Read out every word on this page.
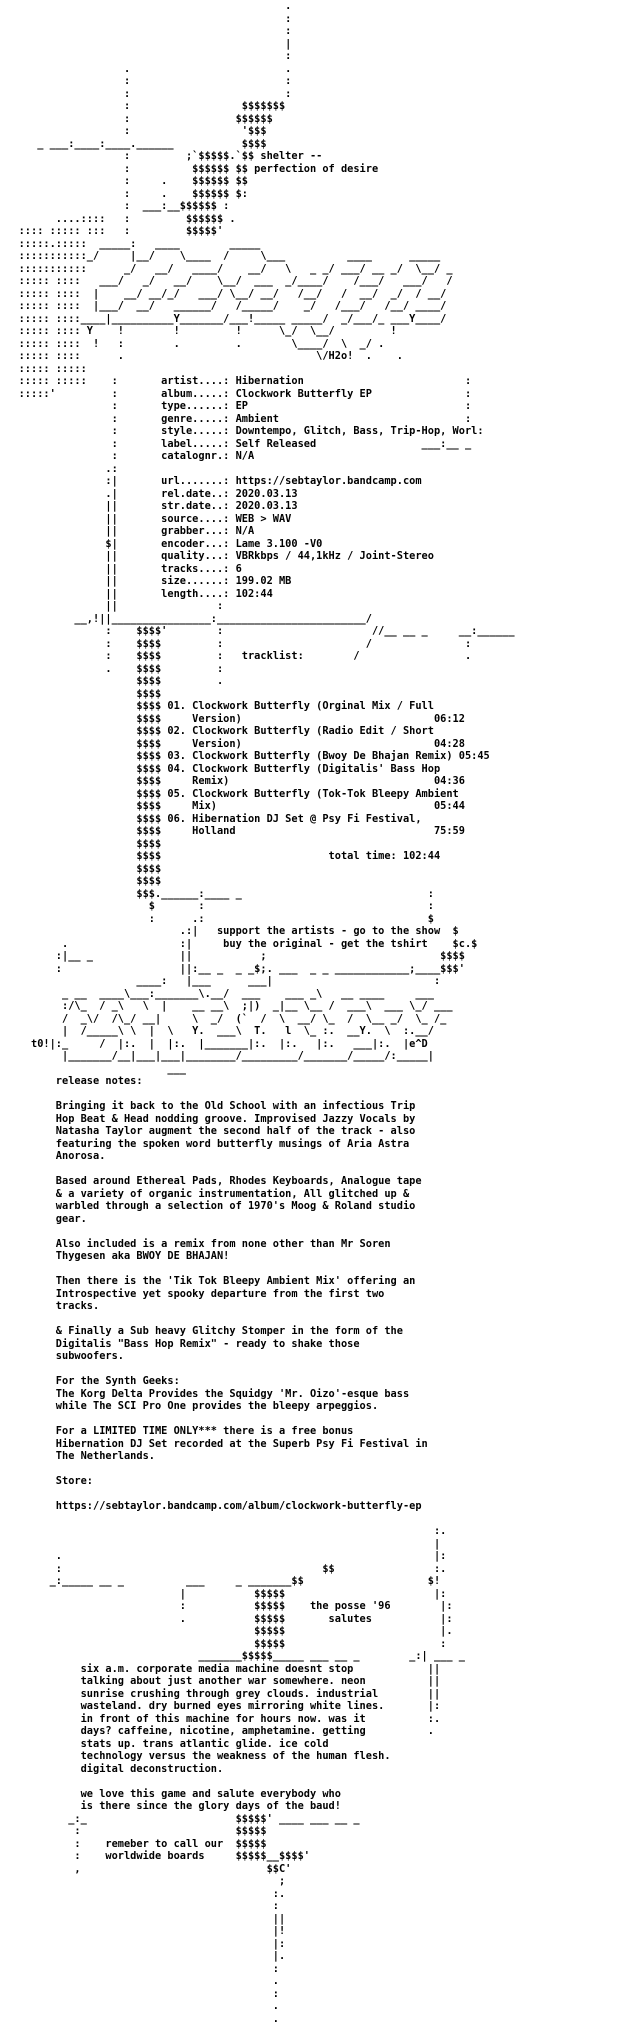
.
:
:
|
:
.                         .
:                         :
:                         :
:                  $$$$$$$
:                 $$$$$$
:                  '$$$
_ ___:____:____.______           $$$$
:         ;`$$$$$.`$$ shelter --
:          $$$$$$ $$ perfection of desire
:     .    $$$$$$ $$
:     .    $$$$$$ $:
:  ___:__$$$$$$ :
....::::   :         $$$$$$ .
:::: ::::: :::   :         $$$$$'
:::::.:::::  _____:   ____        _____
:::::::::::_/     |__/    \____  /     \___          ____      _____
:::::::::::      _/   __/   ____/    __/   \   _ _/ ___/ __ _/  \__/ _
::::: ::::   ___/   _/   __/    \__/  ___  _/____/    /___/   ___/   /
::::: ::::  |    __/ __/_/   ___/ \__/ __/   /__/   /  __/  _/  / __/
::::: ::::  |___/  __/   ______/   /_____/    _/   /___/   /__/ ____/
::::: ::::____|__________Y_______/___!_____ _____/  _/___/_ ___Y____/
::::: :::: Y    !        !         !      \_/  \__/         !
::::: ::::  !   :        .         .        \____/  \  _/ .
::::: ::::      .                               \/H2o!  .    .
::::: :::::
::::: :::::    :       artist....: Hibernation                          :
:::::'         :       album.....: Clockwork Butterfly EP               :
:       type......: EP                                   :
:       genre.....: Ambient                              :
:       style.....: Downtempo, Glitch, Bass, Trip-Hop, Worl:
:       label.....: Self Released                 ___:__ _
:       catalognr.: N/A
.:
:|       url.......: https://sebtaylor.bandcamp.com
.|       rel.date..: 2020.03.13
||       str.date..: 2020.03.13
||       source....: WEB > WAV
||       grabber...: N/A
$|       encoder...: Lame 3.100 -V0
||       quality...: VBRkbps / 44,1kHz / Joint-Stereo
||       tracks....: 6
||       size......: 199.02 MB
||       length....: 102:44
||                :
__,!||________________:________________________/
:    $$$$'        :                        //__ __ _     __:______
:    $$$$         :                       /               :
:    $$$$         :   tracklist:        /                 .
.    $$$$         :
$$$$         .
$$$$
$$$$ 01. Clockwork Butterfly (Orginal Mix / Full
$$$$     Version)                               06:12
$$$$ 02. Clockwork Butterfly (Radio Edit / Short
$$$$     Version)                               04:28
$$$$ 03. Clockwork Butterfly (Bwoy De Bhajan Remix) 05:45
$$$$ 04. Clockwork Butterfly (Digitalis' Bass Hop
$$$$     Remix)                                 04:36
$$$$ 05. Clockwork Butterfly (Tok-Tok Bleepy Ambient
$$$$     Mix)                                   05:44
$$$$ 06. Hibernation DJ Set @ Psy Fi Festival,
$$$$     Holland                                75:59
$$$$
$$$$                           total time: 102:44
$$$$
$$$$
$$$.______:____ _                              :
$       :                                    :
:      .:                                    $
.:|   support the artists - go to the show  $
.                  :|     buy the original - get the tshirt    $c.$
:|__ _              ||           ;                            $$$$
:                   ||:__ _  _ _$;. ___  _ _ ____________;____$$$'
____:   |___      ___|                          :
_ __  ____\___:_______\.__/  ___    ___ _\   __ ____     ___
:/\_  / _\   \  |    __ __\  ;|)  _|__ \__ /  ___\  ___ \_/ ___
/  _\/  /\_/ __|     \  _/  (`  /  \  __/ \_  /  \__ _/  \_ /_
|  /_____\ \  |  \   Y.  ___\  T.   l  \_ :.  __Y.  \  :.__/
t0!|:_     /  |:.  |  |:.  |_______|:.  |:.   |:.   ___|:.  |e^D
|_______/__|___|___|________/_________/_______/_____/:_____|
___
release notes:

Bringing it back to the Old School with an infectious Trip
Hop Beat & Head nodding groove. Improvised Jazzy Vocals by
Natasha Taylor augment the second half of the track - also
featuring the spoken word butterfly musings of Aria Astra
Anorosa.

Based around Ethereal Pads, Rhodes Keyboards, Analogue tape
& a variety of organic instrumentation, All glitched up &
warbled through a selection of 1970's Moog & Roland studio
gear.

Also included is a remix from none other than Mr Soren
Thygesen aka BWOY DE BHAJAN!

Then there is the 'Tik Tok Bleepy Ambient Mix' offering an
Introspective yet spooky departure from the first two
tracks.

& Finally a Sub heavy Glitchy Stomper in the form of the
Digitalis "Bass Hop Remix" - ready to shake those
subwoofers.

For the Synth Geeks:
The Korg Delta Provides the Squidgy 'Mr. Oizo'-esque bass
while The SCI Pro One provides the bleepy arpeggios.

For a LIMITED TIME ONLY*** there is a free bonus
Hibernation DJ Set recorded at the Superb Psy Fi Festival in
The Netherlands.

Store:

https://sebtaylor.bandcamp.com/album/clockwork-butterfly-ep

:.
|
.                                                            |:
:                                          $$                :.
_:_____ __ _          ___     _ _______$$                    $!
|           $$$$$                        |:
:           $$$$$    the posse '96        |:
.           $$$$$       salutes           |:
$$$$$                         |.
$$$$$                         :
_______$$$$$_____ ___ __ _        _:| ___ _
six a.m. corporate media machine doesnt stop            ||
talking about just another war somewhere. neon          ||
sunrise crushing through grey clouds. industrial        ||
wasteland. dry burned eyes mirroring white lines.       |:
in front of this machine for hours now. was it          :.
days? caffeine, nicotine, amphetamine. getting          .
stats up. trans atlantic glide. ice cold
technology versus the weakness of the human flesh.
digital deconstruction.

we love this game and salute everybody who
is there since the glory days of the baud!
_:_                        $$$$$' ____ ___ __ _
:                         $$$$$
:    remeber to call our  $$$$$
:    worldwide boards     $$$$$__$$$$'
,                              $$C'
;
:.
:
||
|!
|:
|.
:
.
:
.
.
